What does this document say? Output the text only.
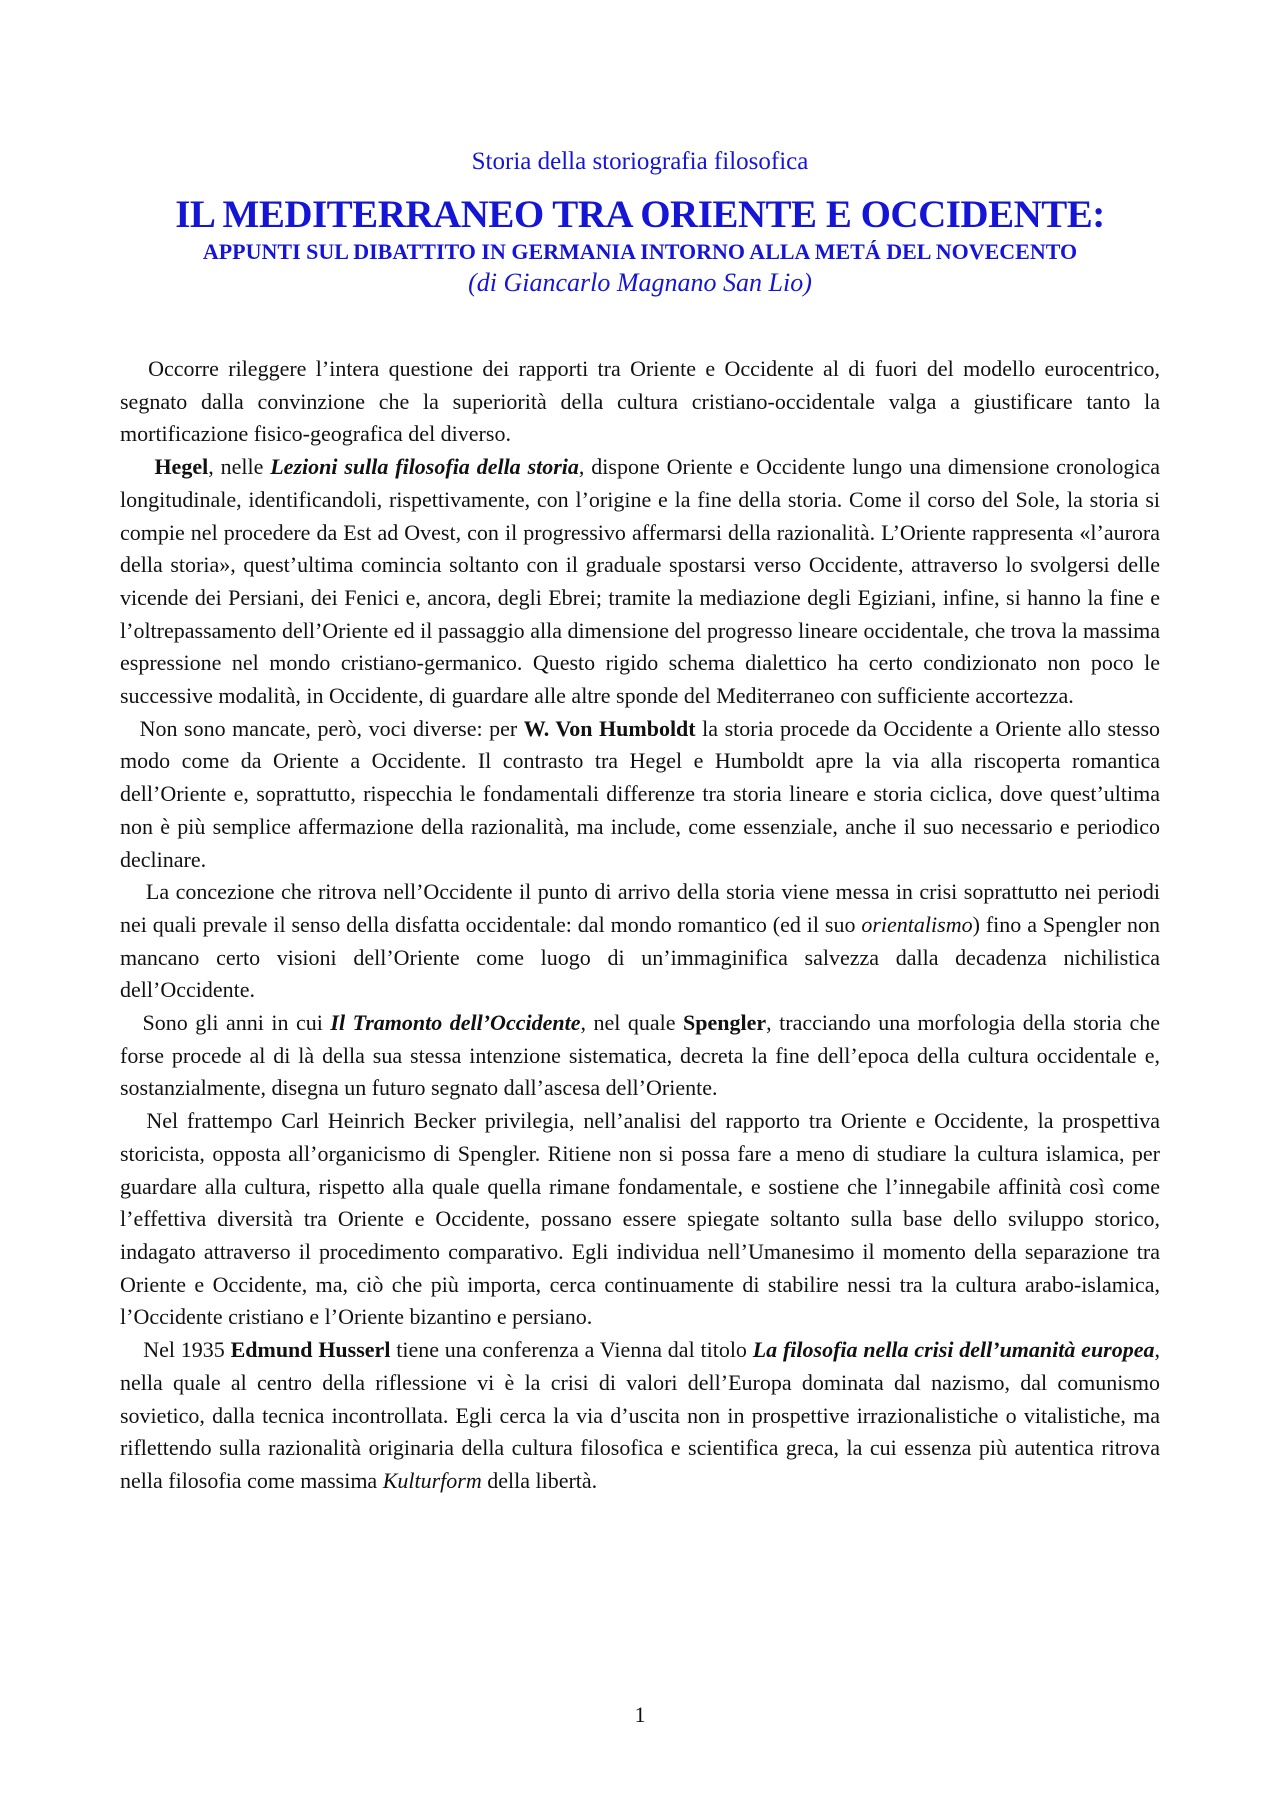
Storia della storiografia filosofica
IL MEDITERRANEO TRA ORIENTE E OCCIDENTE:
APPUNTI SUL DIBATTITO IN GERMANIA INTORNO ALLA METÁ DEL NOVECENTO
(di Giancarlo Magnano San Lio)

Occorre rileggere l’intera questione dei rapporti tra Oriente e Occidente al di fuori del modello eurocentrico, segnato dalla convinzione che la superiorità della cultura cristiano-occidentale valga a giustificare tanto la mortificazione fisico-geografica del diverso.

Hegel, nelle Lezioni sulla filosofia della storia, dispone Oriente e Occidente lungo una dimensione cronologica longitudinale, identificandoli, rispettivamente, con l’origine e la fine della storia. Come il corso del Sole, la storia si compie nel procedere da Est ad Ovest, con il progressivo affermarsi della razionalità. L’Oriente rappresenta «l’aurora della storia», quest’ultima comincia soltanto con il graduale spostarsi verso Occidente, attraverso lo svolgersi delle vicende dei Persiani, dei Fenici e, ancora, degli Ebrei; tramite la mediazione degli Egiziani, infine, si hanno la fine e l’oltrepassamento dell’Oriente ed il passaggio alla dimensione del progresso lineare occidentale, che trova la massima espressione nel mondo cristiano-germanico. Questo rigido schema dialettico ha certo condizionato non poco le successive modalità, in Occidente, di guardare alle altre sponde del Mediterraneo con sufficiente accortezza.

Non sono mancate, però, voci diverse: per W. Von Humboldt la storia procede da Occidente a Oriente allo stesso modo come da Oriente a Occidente. Il contrasto tra Hegel e Humboldt apre la via alla riscoperta romantica dell’Oriente e, soprattutto, rispecchia le fondamentali differenze tra storia lineare e storia ciclica, dove quest’ultima non è più semplice affermazione della razionalità, ma include, come essenziale, anche il suo necessario e periodico declinare.

La concezione che ritrova nell’Occidente il punto di arrivo della storia viene messa in crisi soprattutto nei periodi nei quali prevale il senso della disfatta occidentale: dal mondo romantico (ed il suo orientalismo) fino a Spengler non mancano certo visioni dell’Oriente come luogo di un’immaginifica salvezza dalla decadenza nichilistica dell’Occidente.

Sono gli anni in cui Il Tramonto dell’Occidente, nel quale Spengler, tracciando una morfologia della storia che forse procede al di là della sua stessa intenzione sistematica, decreta la fine dell’epoca della cultura occidentale e, sostanzialmente, disegna un futuro segnato dall’ascesa dell’Oriente.

Nel frattempo Carl Heinrich Becker privilegia, nell’analisi del rapporto tra Oriente e Occidente, la prospettiva storicista, opposta all’organicismo di Spengler. Ritiene non si possa fare a meno di studiare la cultura islamica, per guardare alla cultura, rispetto alla quale quella rimane fondamentale, e sostiene che l’innegabile affinità così come l’effettiva diversità tra Oriente e Occidente, possano essere spiegate soltanto sulla base dello sviluppo storico, indagato attraverso il procedimento comparativo. Egli individua nell’Umanesimo il momento della separazione tra Oriente e Occidente, ma, ciò che più importa, cerca continuamente di stabilire nessi tra la cultura arabo-islamica, l’Occidente cristiano e l’Oriente bizantino e persiano.

Nel 1935 Edmund Husserl tiene una conferenza a Vienna dal titolo La filosofia nella crisi dell’umanità europea, nella quale al centro della riflessione vi è la crisi di valori dell’Europa dominata dal nazismo, dal comunismo sovietico, dalla tecnica incontrollata. Egli cerca la via d’uscita non in prospettive irrazionalistiche o vitalistiche, ma riflettendo sulla razionalità originaria della cultura filosofica e scientifica greca, la cui essenza più autentica ritrova nella filosofia come massima Kulturform della libertà.

1
